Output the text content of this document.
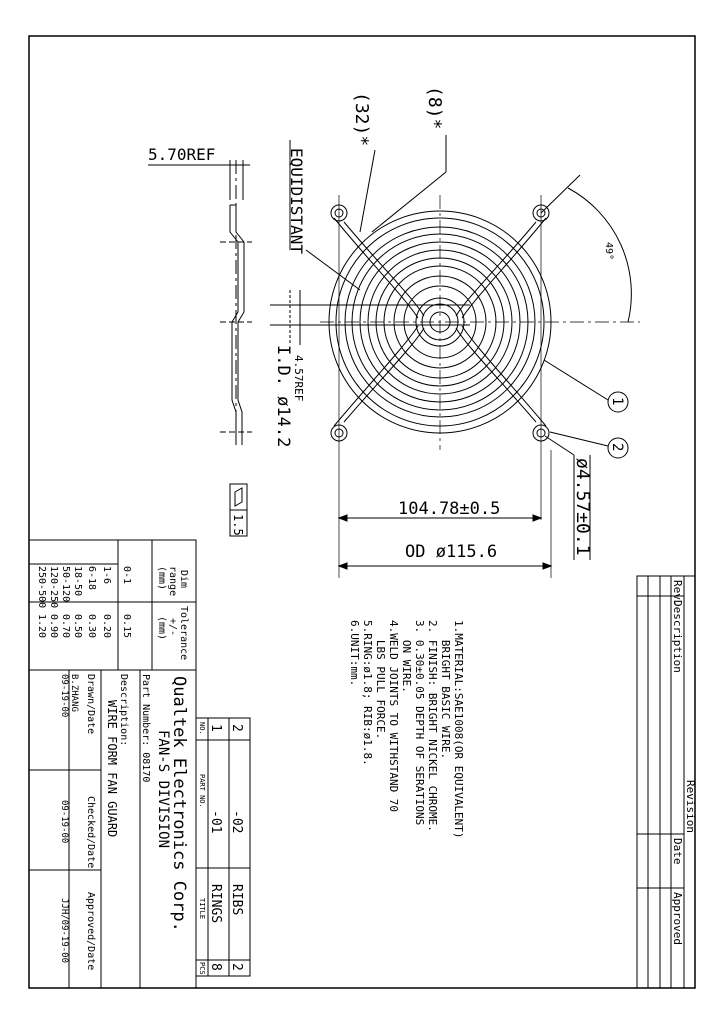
5.70REF
1.5
EQUIDISTANT
I.D. ø14.2 4.57REF
(32)*	(8)*
49°
1
2
ø4.57±0.1
104.78±0.5
OD ø115.6
1.MATERIAL:SAE1008(OR EQUIVALENT)
BRIGHT BASIC WIRE.
2. FINISH: BRIGHT NICKEL CHROME.
3. 0.30±0.05 DEPTH OF SERATIONS
ON WIRE.
4.WELD JOINTS TO WITHSTAND 70
LBS PULL FORCE.
5.RING:ø1.8; RIB:ø1.8.
6.UNIT:mm.
Revision
Rev.
Description
Date
Approved
NO.
PART NO.
TITLE
PCS
1
-01
RINGS
8
2
-02
RIBS
2
Qualtek Electronics Corp.
FAN-S DIVISION
Part Number: 08170
Description:
WIRE FORM FAN GUARD
Drawn/Date
B.ZHANG
09-19-00
Checked/Date
09-19-00
Approved/Date
JJH/09-19-00
Dim
range
(mm)
Tolerance
+/-
(mm)
0-1
0.15
1-6
0.20
6-18
0.30
18-50
0.50
50-120
0.70
120-250
0.90
250-500
1.20
